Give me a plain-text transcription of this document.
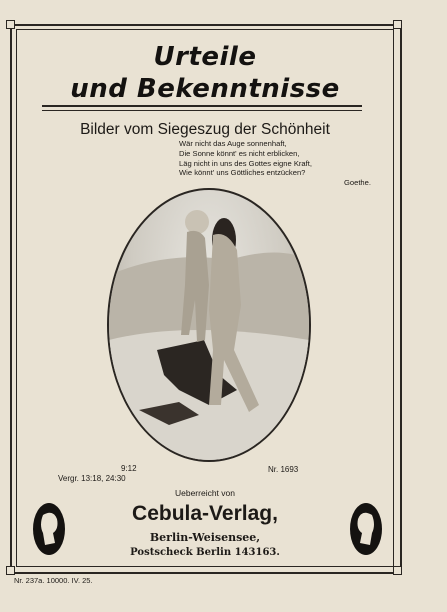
Urteile
und Bekenntnisse
Bilder vom Siegeszug der Schönheit
Wär nicht das Auge sonnenhaft,
Die Sonne könnt' es nicht erblicken,
Läg nicht in uns des Gottes eigne Kraft,
Wie könnt' uns Göttliches entzücken?
Goethe.
Vergr. 13:18, 24:30
9:12	Nr. 1693
Ueberreicht von
Cebula-Verlag,
Berlin-Weisensee,
Postscheck Berlin 143163.
Nr. 237a. 10000. IV. 25.
